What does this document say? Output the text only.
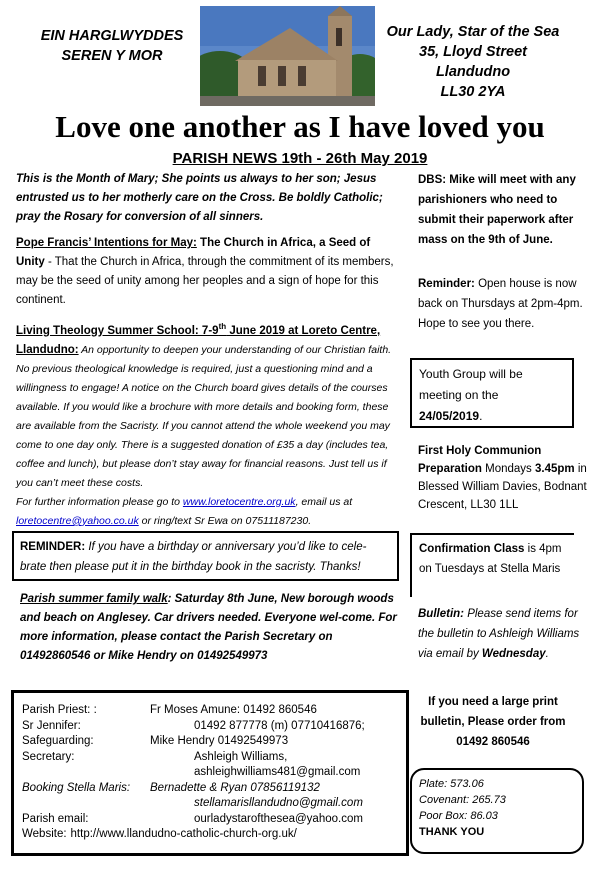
EIN HARGLWYDDES
SEREN Y MOR
Our Lady, Star of the Sea
35, Lloyd Street
Llandudno
LL30 2YA
Love one another as I have loved you
PARISH NEWS 19th - 26th May 2019

This is the Month of Mary; She points us always to her son; Jesus entrusted us to her motherly care on the Cross. Be boldly Catholic; pray the Rosary for conversion of all sinners.

Pope Francis’ Intentions for May: The Church in Africa, a Seed of Unity - That the Church in Africa, through the commitment of its members, may be the seed of unity among her peoples and a sign of hope for this continent.

Living Theology Summer School: 7-9th June 2019 at Loreto Centre, Llandudno: An opportunity to deepen your understanding of our Christian faith. No previous theological knowledge is required, just a questioning mind and a willingness to engage! A notice on the Church board gives details of the courses available. If you would like a brochure with more details and booking form, these are available from the Sacristy. If you cannot attend the whole weekend you may come to one day only. There is a suggested donation of £35 a day (includes tea, coffee and lunch), but please don’t stay away for financial reasons. Just tell us if you can’t meet these costs.
For further information please go to www.loretocentre.org.uk, email us at loretocentre@yahoo.co.uk or ring/text Sr Ewa on 07511187230.

REMINDER: If you have a birthday or anniversary you’d like to cele-brate then please put it in the birthday book in the sacristy. Thanks!
Parish summer family walk: Saturday 8th June, New borough woods and beach on Anglesey. Car drivers needed. Everyone wel-come. For more information, please contact the Parish Secretary on 01492860546 or Mike Hendry on 01492549973
DBS: Mike will meet with any parishioners who need to submit their paperwork after mass on the 9th of June.
Reminder: Open house is now back on Thursdays at 2pm-4pm. Hope to see you there.
Youth Group will be meeting on the 24/05/2019.
First Holy Communion Preparation Mondays 3.45pm in Blessed William Davies, Bodnant Crescent, LL30 1LL
Confirmation Class is 4pm on Tuesdays at Stella Maris
Bulletin: Please send items for the bulletin to Ashleigh Williams via email by Wednesday.
If you need a large print bulletin, Please order from 01492 860546
Parish Priest: :	Fr Moses Amune: 01492 860546
Sr Jennifer:	01492 877778 (m) 07710416876;
Safeguarding:	Mike Hendry 01492549973
Secretary:	Ashleigh Williams,
ashleighwilliams481@gmail.com
Booking Stella Maris:	Bernadette & Ryan 07856119132
stellamarisllandudno@gmail.com
Parish email:	ourladystarofthesea@yahoo.com
Website: http://www.llandudno-catholic-church-org.uk/
Plate: 573.06
Covenant: 265.73
Poor Box: 86.03
THANK YOU
